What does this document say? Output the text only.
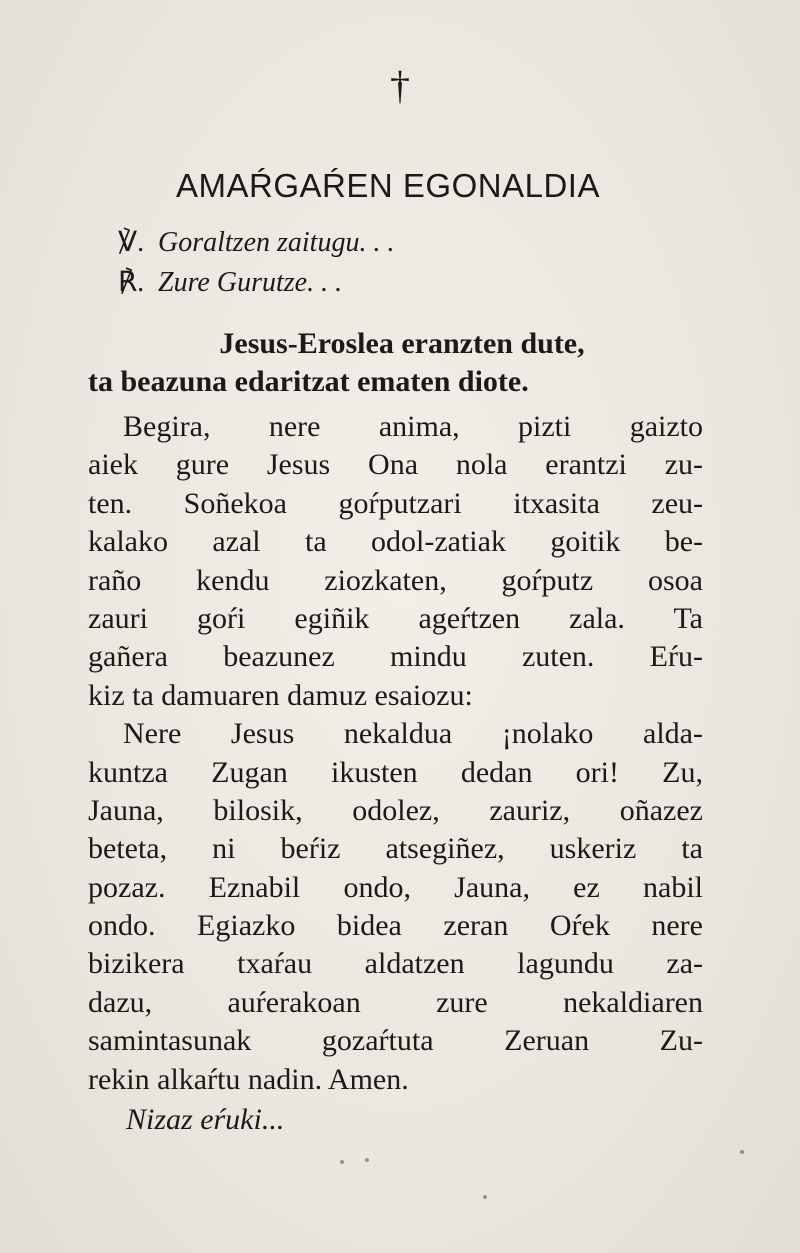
†
AMAŔGAŔEN EGONALDIA
℣. Goraltzen zaitugu. . .
℟. Zure Gurutze. . .
Jesus-Eroslea eranzten dute,
ta beazuna edaritzat ematen diote.
Begira, nere anima, pizti gaizto
aiek gure Jesus Ona nola erantzi zu-
ten. Soñekoa goŕputzari itxasita zeu-
kalako azal ta odol-zatiak goitik be-
raño kendu ziozkaten, goŕputz osoa
zauri goŕi egiñik ageŕtzen zala. Ta
gañera beazunez mindu zuten. Eŕu-
kiz ta damuaren damuz esaiozu:
Nere Jesus nekaldua ¡nolako alda-
kuntza Zugan ikusten dedan ori! Zu,
Jauna, bilosik, odolez, zauriz, oñazez
beteta, ni beŕiz atsegiñez, uskeriz ta
pozaz. Eznabil ondo, Jauna, ez nabil
ondo. Egiazko bidea zeran Oŕek nere
bizikera txaŕau aldatzen lagundu za-
dazu, auŕerakoan zure nekaldiaren
samintasunak gozaŕtuta Zeruan Zu-
rekin alkaŕtu nadin. Amen.
Nizaz eŕuki...
